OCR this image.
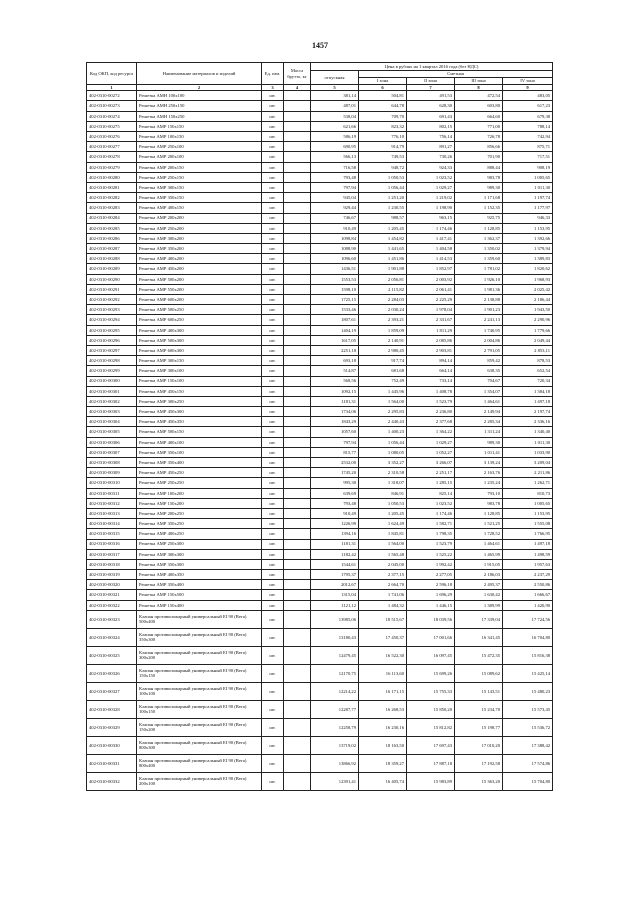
1457
Код ОКП, код ресурса	Наименование материалов и изделий	Ед. изм.	Масса брутто, кг	Цена в рублях на 1 квартал 2016 года (без НДС)				
				отпускная	Сметная			
					I зона	II зона	III зона	IV зона
1	2	3	4	5	6	7	8	9
402-0310-00272	Решетка АМН 100х100	шт.		381,14	504,81	491,53	472,54	483,05
402-0310-00273	Решетка АМН 250х150	шт.		487,01	644,78	628,30	603,80	617,23
402-0310-00274	Решетка АМН 150х250	шт.		538,04	709,70	691,43	664,60	679,38
402-0310-00275	Решетка АМР 150х150	шт.		621,66	823,32	802,15	771,00	788,14
402-0310-00276	Решетка АМР 100х150	шт.		586,19	776,10	756,14	726,78	742,94
402-0310-00277	Решетка АМР 250х100	шт.		690,95	914,79	891,27	856,66	875,71
402-0310-00278	Решетка АМР 200х100	шт.		566,13	749,53	730,26	701,90	717,51
402-0310-00279	Решетка АМР 200х150	шт.		716,58	948,72	924,33	888,44	908,19
402-0310-00280	Решетка АМР 250х150	шт.		793,48	1 050,53	1 023,52	983,78	1 005,65
402-0310-00281	Решетка АМР 300х150	шт.		797,94	1 056,44	1 029,27	989,30	1 011,30
402-0310-00282	Решетка АМР 350х150	шт.		945,04	1 251,20	1 219,02	1 171,68	1 197,74
402-0310-00283	Решетка АМР 400х150	шт.		929,44	1 230,55	1 198,90	1 152,35	1 177,97
402-0310-00284	Решетка АМР 200х200	шт.		746,67	988,57	963,15	925,75	946,33
402-0310-00285	Решетка АМР 250х200	шт.		910,49	1 205,45	1 174,46	1 128,85	1 153,95
402-0310-00286	Решетка АМР 300х200	шт.		1098,84	1 454,82	1 417,41	1 362,37	1 392,66
402-0310-00287	Решетка АМР 350х200	шт.		1088,90	1 441,65	1 404,58	1 350,02	1 379,94
402-0310-00288	Решетка АМР 400х200	шт.		1096,60	1 451,86	1 414,53	1 359,60	1 389,83
402-0310-00289	Решетка АМР 450х200	шт.		1436,51	1 901,88	1 852,97	1 781,02	1 820,62
402-0310-00290	Решетка АМР 500х200	шт.		1553,53	2 056,81	2 003,92	1 926,10	1 968,93
402-0310-00291	Решетка АМР 550х200	шт.		1598,10	2 115,82	2 061,41	1 981,36	2 025,42
402-0310-00292	Решетка АМР 600х200	шт.		1725,15	2 284,03	2 225,29	2 138,88	2 186,44
402-0310-00293	Решетка АМР 500х250	шт.		1533,46	2 030,24	1 978,04	1 901,23	1 943,50
402-0310-00294	Решетка АМР 600х250	шт.		1807,61	2 393,21	2 331,67	2 241,13	2 290,96
402-0310-00295	Решетка АМР 400х300	шт.		1404,19	1 859,09	1 811,29	1 740,95	1 779,66
402-0310-00296	Решетка АМР 500х300	шт.		1617,05	2 140,91	2 085,86	2 004,86	2 049,44
402-0310-00297	Решетка АМР 600х300	шт.		2251,18	2 980,45	2 903,81	2 791,05	2 853,11
402-0310-00298	Решетка АМР 300х150	шт.		693,18	917,74	894,14	859,42	878,53
402-0310-00299	Решетка АМР 300х100	шт.		514,87	681,68	664,14	638,35	652,54
402-0310-00300	Решетка АМР 150х100	шт.		568,56	752,49	733,14	704,67	720,34
402-0310-00301	Решетка АМР 450х150	шт.		1092,15	1 445,96	1 408,78	1 354,07	1 384,18
402-0310-00302	Решетка АМР 300х250	шт.		1181,31	1 564,00	1 523,79	1 464,61	1 497,18
402-0310-00303	Решетка АМР 450х300	шт.		1734,06	2 295,83	2 236,80	2 149,94	2 197,74
402-0310-00304	Решетка АМР 450х350	шт.		1843,29	2 440,43	2 377,68	2 285,34	2 336,16
402-0310-00305	Решетка АМР 500х150	шт.		1057,60	1 400,23	1 364,22	1 311,24	1 340,40
402-0310-00306	Решетка АМР 400х100	шт.		797,94	1 056,44	1 029,27	989,30	1 011,30
402-0310-00307	Решетка АМР 350х100	шт.		815,77	1 080,05	1 052,27	1 011,41	1 033,90
402-0310-00308	Решетка АМР 350х400	шт.		2532,00	3 352,27	3 266,07	3 139,24	3 209,04
402-0310-00309	Решетка АМР 450х250	шт.		1745,20	2 310,58	2 251,17	2 163,76	2 211,86
402-0310-00310	Решетка АМР 250х250	шт.		995,30	1 318,07	1 285,15	1 235,24	1 262,71
402-0310-00311	Решетка АМР 100х200	шт.		639,69	846,91	825,14	793,10	810,73
402-0310-00312	Решетка АМР 150х200	шт.		793,48	1 050,53	1 023,52	983,78	1 005,65
402-0310-00313	Решетка АМР 200х250	шт.		910,49	1 205,45	1 174,46	1 128,85	1 153,95
402-0310-00314	Решетка АМР 350х250	шт.		1226,99	1 624,49	1 582,71	1 521,25	1 555,08
402-0310-00315	Решетка АМР 400х250	шт.		1394,16	1 845,81	1 798,35	1 728,52	1 766,95
402-0310-00316	Решетка АМР 250х300	шт.		1181,31	1 564,00	1 523,79	1 464,61	1 497,18
402-0310-00317	Решетка АМР 300х300	шт.		1182,42	1 565,48	1 525,22	1 465,99	1 498,59
402-0310-00318	Решетка АМР 350х300	шт.		1544,61	2 045,00	1 992,42	1 915,05	1 957,63
402-0310-00319	Решетка АМР 400х350	шт.		1795,37	2 377,15	2 277,05	2 186,03	2 237,29
402-0310-00320	Решетка АМР 350х400	шт.		2012,67	2 664,70	2 596,18	2 495,37	2 550,86
402-0310-00321	Решетка АМР 150х500	шт.		1315,04	1 741,06	1 696,29	1 630,42	1 666,67
402-0310-00322	Решетка АМР 150х400	шт.		1121,12	1 484,32	1 446,15	1 389,99	1 420,90
402-0310-00323	Клапан противопожарный универсальный EI 90 (Вега) 500х400	шт.		13985,06	18 515,67	18 039,56	17 339,04	17 724,56
402-0310-00324	Клапан противопожарный универсальный EI 90 (Вега) 350х300	шт.		13180,43	17 450,37	17 001,66	16 341,45	16 704,80
402-0310-00325	Клапан противопожарный универсальный EI 90 (Вега) 300х200	шт.		12479,45	16 522,30	16 097,45	15 472,35	15 816,38
402-0310-00326	Клапан противопожарный универсальный EI 90 (Вега) 150х150	шт.		12170,75	16 113,60	15 699,26	15 089,62	15 425,14
402-0310-00327	Клапан противопожарный универсальный EI 90 (Вега) 100х100	шт.		12214,22	16 171,15	15 755,33	15 143,51	15 480,23
402-0310-00328	Клапан противопожарный универсальный EI 90 (Вега) 100х150	шт.		12287,77	16 268,53	15 850,20	15 234,70	15 573,45
402-0310-00329	Клапан противопожарный универсальный EI 90 (Вега) 150х200	шт.		12258,79	16 230,16	15 812,82	15 198,77	15 536,72
402-0310-00330	Клапан противопожарный универсальный EI 90 (Вега) 800х300	шт.		13719,02	18 163,50	17 697,43	17 010,20	17 388,42
402-0310-00331	Клапан противопожарный универсальный EI 90 (Вега) 800х400	шт.		13866,92	18 359,27	17 887,18	17 192,58	17 574,86
402-0310-00332	Клапан противопожарный универсальный EI 90 (Вега) 200х100	шт.		12391,41	16 405,74	15 983,89	15 363,20	15 704,80
